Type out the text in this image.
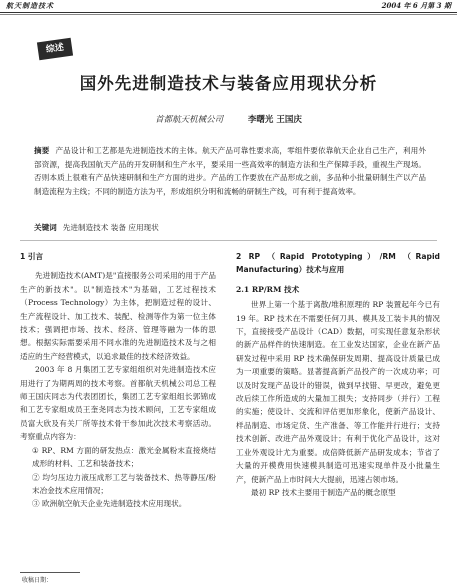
航天制造技术	2004 年 6 月第 3 期
综述
国外先进制造技术与装备应用现状分析
首都航天机械公司	李曙光 王国庆
摘要 产品设计和工艺都是先进制造技术的主体。航天产品可靠性要求高，零组件要依靠航天企业自己生产，利用外部资源，提高我国航天产品的开发研制和生产水平，要采用一些高效率的制造方法和生产保障手段，重视生产现场。否则本质上很难有产品快速研制和生产方面的进步。产品的工作要放在产品形成之前，多品种小批量研制生产以产品制造流程为主线；不同的制造方法为平，形成组织分明和流畅的研制生产线，可有利于提高效率。
关键词 先进制造技术 装备 应用现状
1 引言

先进制造技术(AMT)是"直接服务公司采用的用于产品生产的新技术"。以"制造技术"为基础，工艺过程技术（Process Technology）为主体，把制造过程的设计、生产流程设计、加工技术、装配、检测等作为第一位主体技术；强调把市场、技术、经济、管理等融为一体的思想。根据实际需要采用不同水准的先进制造技术及与之相适应的生产经营模式，以追求最佳的技术经济效益。

2003 年 8 月集团工艺专家组组织对先进制造技术应用进行了为期两周的技术考察。首都航天机械公司总工程师王国庆同志为代表团团长，集团工艺专家组组长郭锦成和工艺专家组成员王奎尧同志为技术顾问，工艺专家组成员富大欣及有关厂所等技术骨干参加此次技术考察活动。考察重点内容为：

① RP、RM 方面的研发热点：激光金属粉末直接烧结成形的材料、工艺和装备技术；

② 均匀压边力液压成形工艺与装备技术、热等静压/粉末冶金技术应用情况；

③ 欧洲航空航天企业先进制造技术应用现状。

2 RP （Rapid Prototyping）/RM （Rapid Manufacturing）技术与应用
2.1 RP/RM 技术

世界上第一个基于离散/堆积原理的 RP 装置起年今已有 19 年。RP 技术在不需要任何刀具、模具及工装卡具的情况下，直接接受产品设计（CAD）数据，可实现任意复杂形状的新产品样件的快速制造。在工业发达国家，企业在新产品研发过程中采用 RP 技术确保研发周期、提高设计质量已成为一项重要的策略。显著提高新产品投产的一次成功率；可以及时发现产品设计的错误，做到早找错、早更改，避免更改后续工作所造成的大量加工损失；支持同步（并行）工程的实施；使设计、交流和评估更加形象化，使新产品设计、样品制造、市场定货、生产准备、等工作能并行进行；支持技术创新、改进产品外观设计；有利于优化产品设计，这对工业外观设计尤为重要。成倍降低新产品研发成本；节省了大量的开模费用快速模具制造可迅速实现单件及小批量生产，使新产品上市时间大大提前，迅速占领市场。

最初 RP 技术主要用于制造产品的概念原型

收稿日期：
